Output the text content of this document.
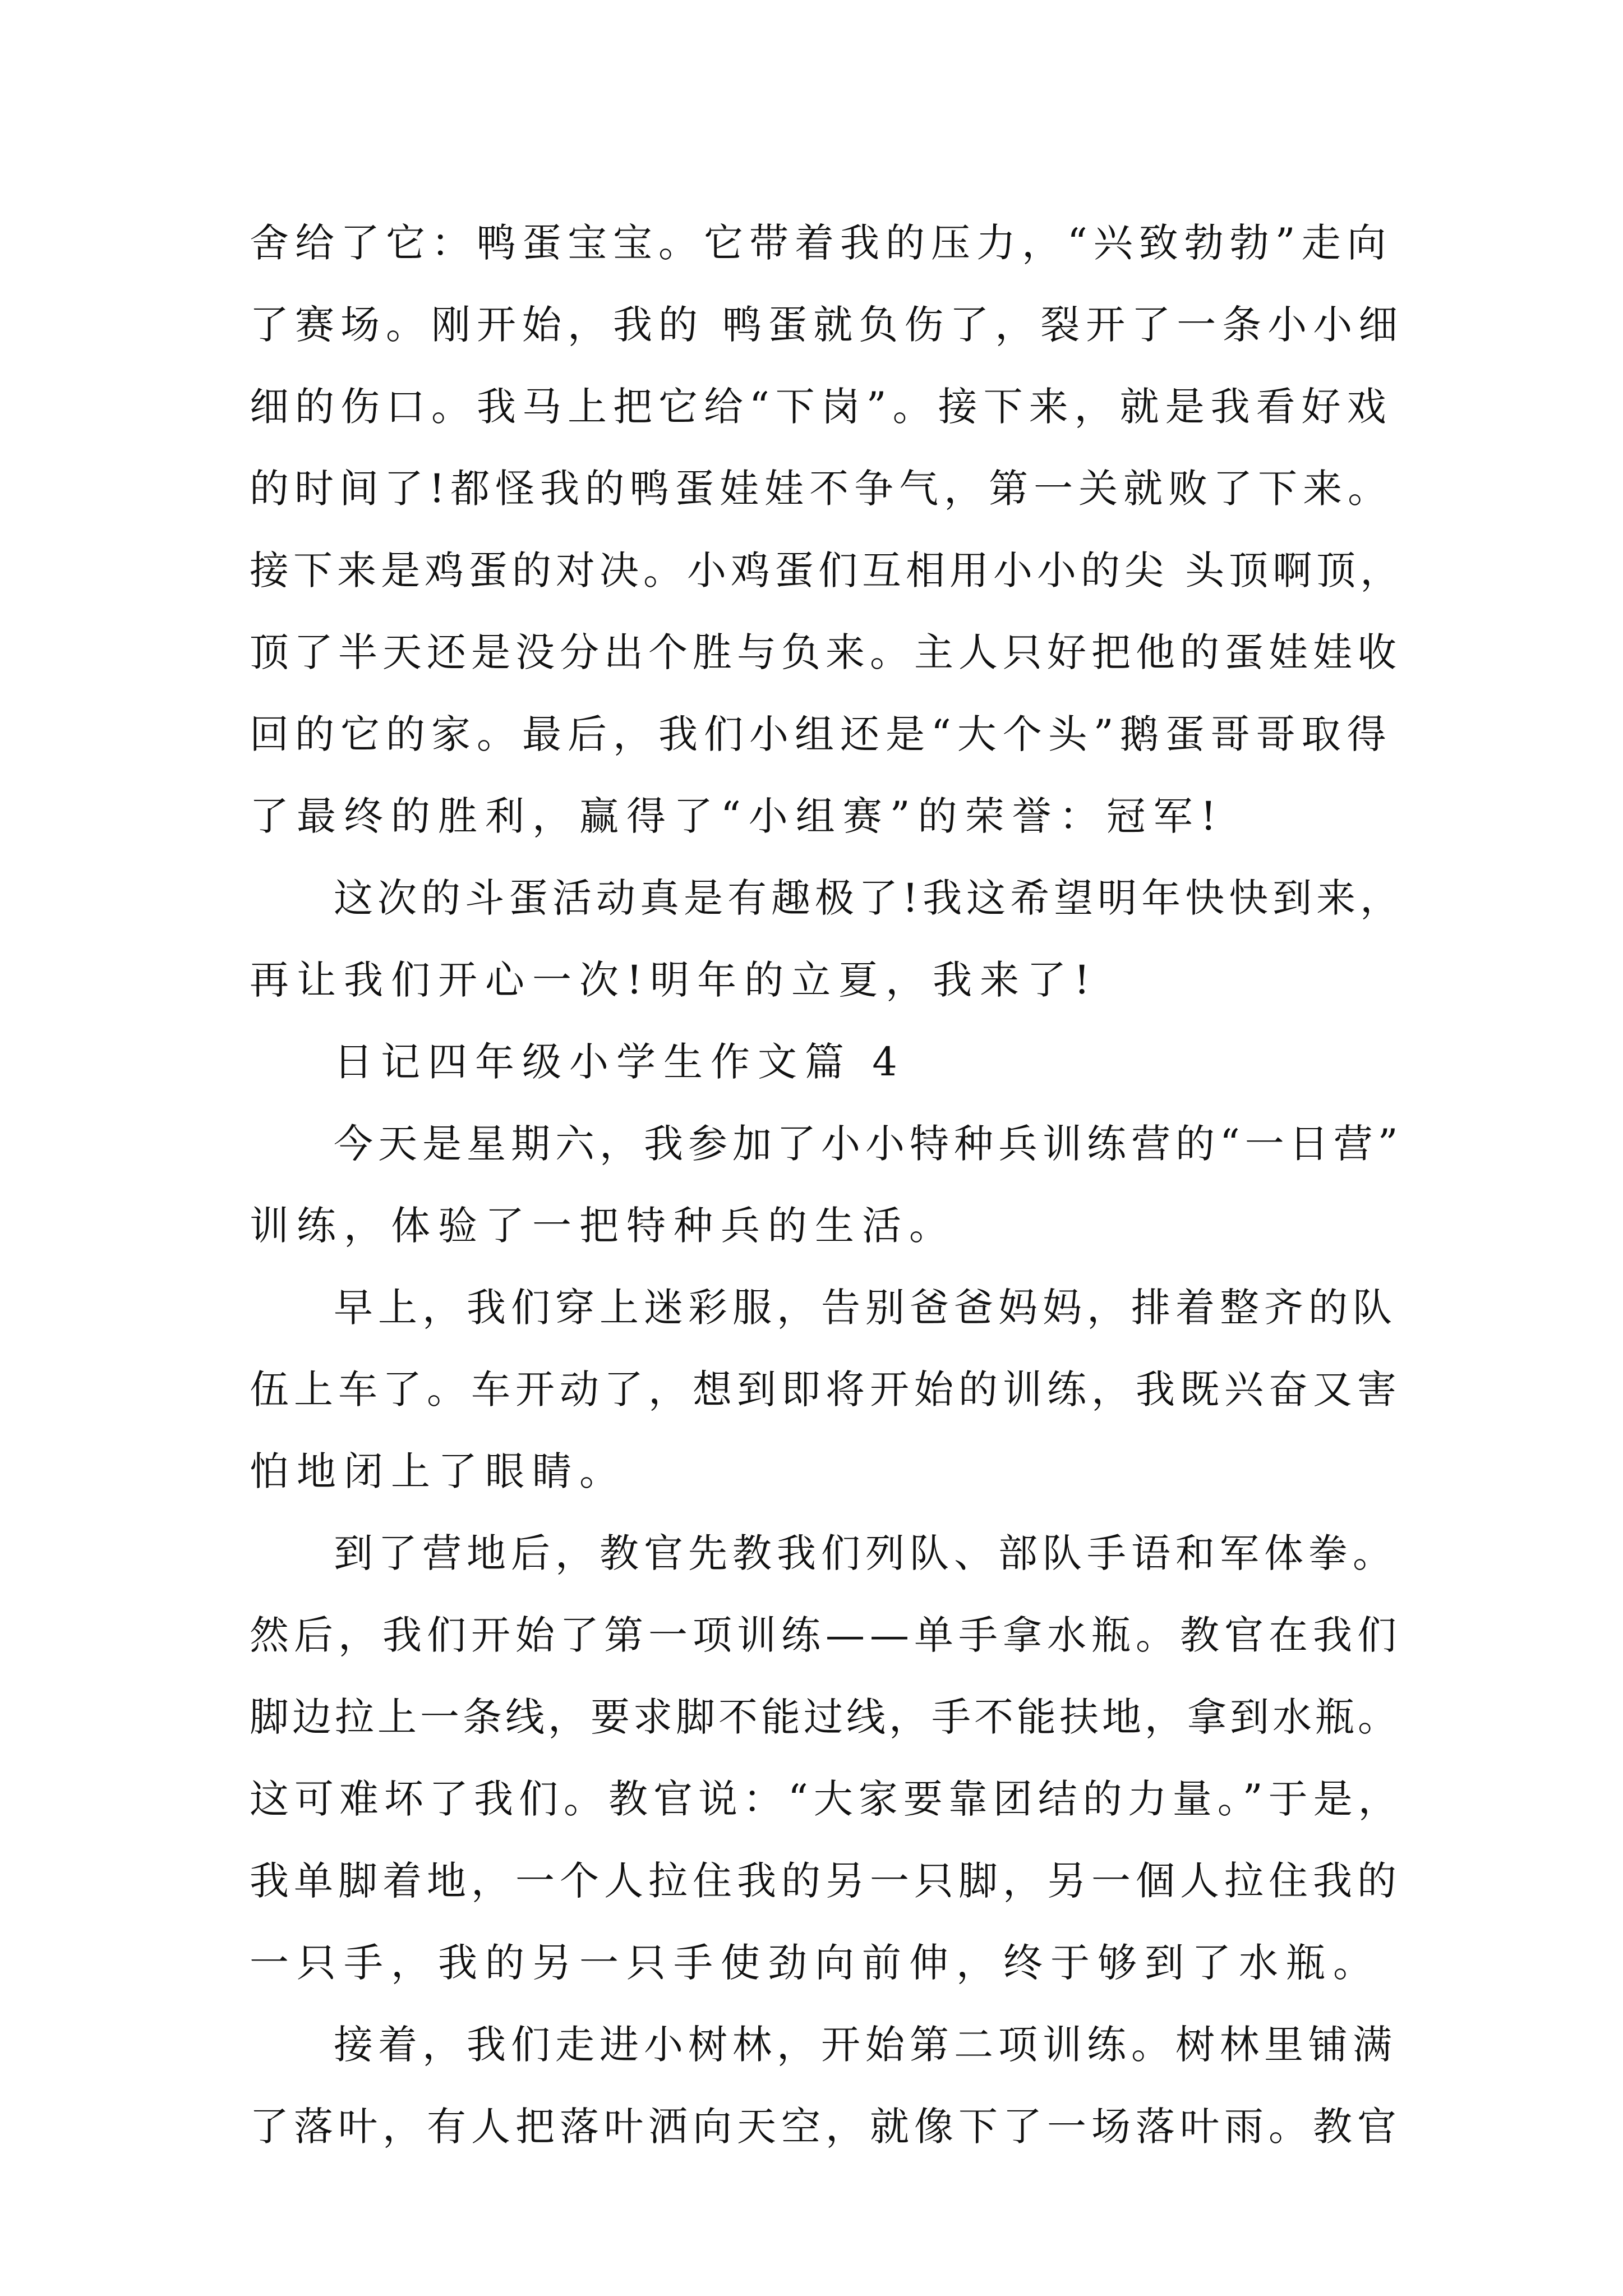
舍给了它：鸭蛋宝宝。它带着我的压力，“兴致勃勃”走向
了赛场。刚开始，我的 鸭蛋就负伤了，裂开了一条小小细
细的伤口。我马上把它给“下岗”。接下来，就是我看好戏
的时间了!都怪我的鸭蛋娃娃不争气，第一关就败了下来。
接下来是鸡蛋的对决。小鸡蛋们互相用小小的尖 头顶啊顶，
顶了半天还是没分出个胜与负来。主人只好把他的蛋娃娃收
回的它的家。最后，我们小组还是“大个头”鹅蛋哥哥取得
了最终的胜利，赢得了“小组赛”的荣誉：冠军!
这次的斗蛋活动真是有趣极了!我这希望明年快快到来，
再让我们开心一次!明年的立夏，我来了!
日记四年级小学生作文篇 4
今天是星期六，我参加了小小特种兵训练营的“一日营”
训练，体验了一把特种兵的生活。
早上，我们穿上迷彩服，告别爸爸妈妈，排着整齐的队
伍上车了。车开动了，想到即将开始的训练，我既兴奋又害
怕地闭上了眼睛。
到了营地后，教官先教我们列队、部队手语和军体拳。
然后，我们开始了第一项训练——单手拿水瓶。教官在我们
脚边拉上一条线，要求脚不能过线，手不能扶地，拿到水瓶。
这可难坏了我们。教官说：“大家要靠团结的力量。”于是，
我单脚着地，一个人拉住我的另一只脚，另一個人拉住我的
一只手，我的另一只手使劲向前伸，终于够到了水瓶。
接着，我们走进小树林，开始第二项训练。树林里铺满
了落叶，有人把落叶洒向天空，就像下了一场落叶雨。教官
